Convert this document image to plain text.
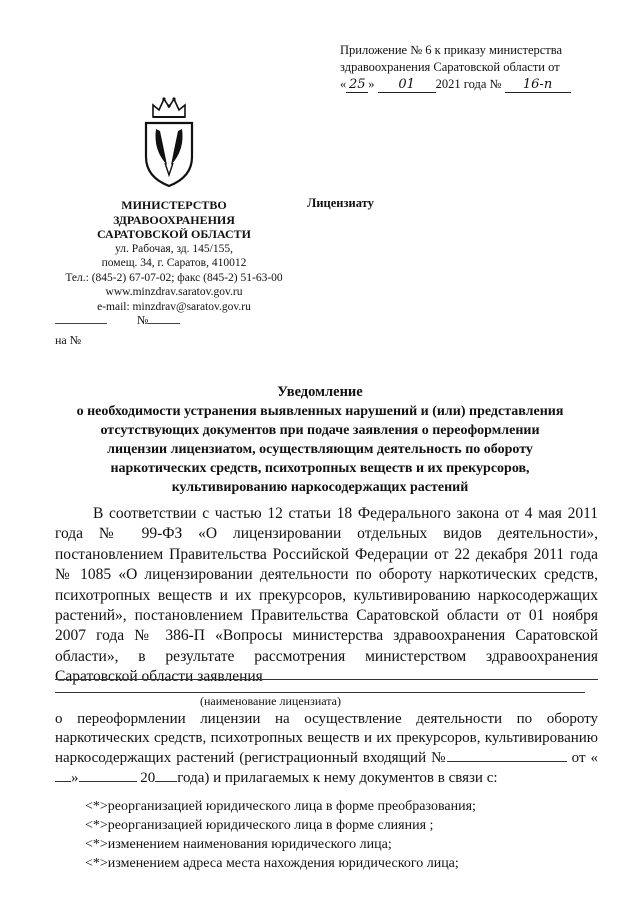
Приложение № 6 к приказу министерства
здравоохранения Саратовской области от
« 25 » 01 2021 года № 16-п
МИНИСТЕРСТВО
ЗДРАВООХРАНЕНИЯ
САРАТОВСКОЙ ОБЛАСТИ
ул. Рабочая, зд. 145/155,
помещ. 34, г. Саратов, 410012
Тел.: (845-2) 67-07-02; факс (845-2) 51-63-00
www.minzdrav.saratov.gov.ru
e-mail: minzdrav@saratov.gov.ru
Лицензиату
№
на №
Уведомление
о необходимости устранения выявленных нарушений и (или) представления
отсутствующих документов при подаче заявления о переоформлении
лицензии лицензиатом, осуществляющим деятельность по обороту
наркотических средств, психотропных веществ и их прекурсоров,
культивированию наркосодержащих растений
В соответствии с частью 12 статьи 18 Федерального закона от 4 мая 2011 года № 99-ФЗ «О лицензировании отдельных видов деятельности», постановлением Правительства Российской Федерации от 22 декабря 2011 года № 1085 «О лицензировании деятельности по обороту наркотических средств, психотропных веществ и их прекурсоров, культивированию наркосодержащих растений», постановлением Правительства Саратовской области от 01 ноября 2007 года № 386-П «Вопросы министерства здравоохранения Саратовской области», в результате рассмотрения министерством здравоохранения Саратовской области заявления
(наименование лицензиата)
о переоформлении лицензии на осуществление деятельности по обороту наркотических средств, психотропных веществ и их прекурсоров, культивированию наркосодержащих растений (регистрационный входящий №	от «»	20 года) и прилагаемых к нему документов в связи с:
<*>реорганизацией юридического лица в форме преобразования;
<*>реорганизацией юридического лица в форме слияния ;
<*>изменением наименования юридического лица;
<*>изменением адреса места нахождения юридического лица;
